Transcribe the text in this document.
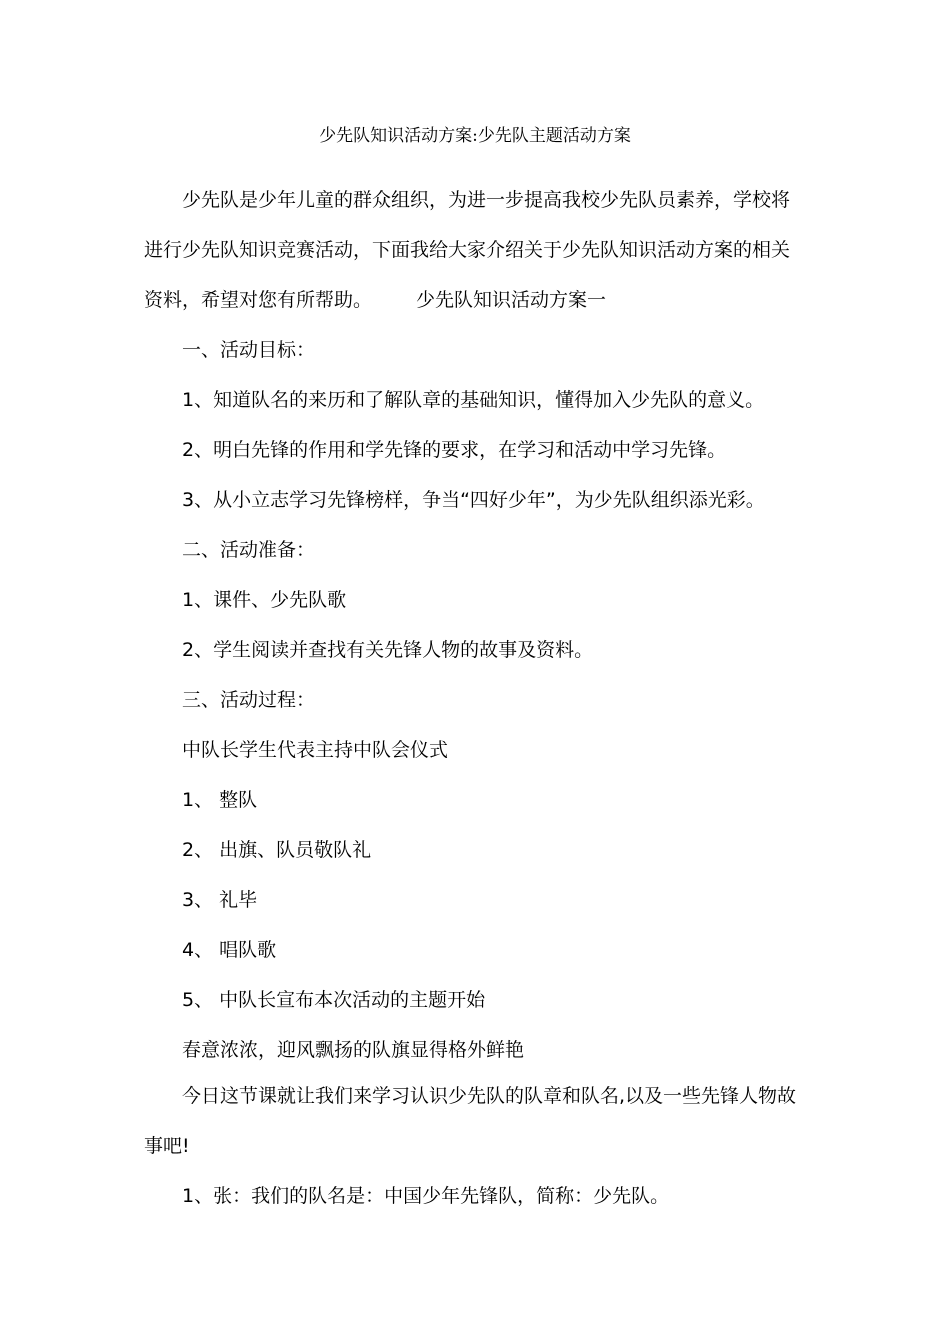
少先队知识活动方案:少先队主题活动方案
少先队是少年儿童的群众组织，为进一步提高我校少先队员素养，学校将
进行少先队知识竞赛活动，下面我给大家介绍关于少先队知识活动方案的相关
资料，希望对您有所帮助。 少先队知识活动方案一
一、活动目标：
1、知道队名的来历和了解队章的基础知识，懂得加入少先队的意义。
2、明白先锋的作用和学先锋的要求，在学习和活动中学习先锋。
3、从小立志学习先锋榜样，争当“四好少年”，为少先队组织添光彩。
二、活动准备：
1、课件、少先队歌
2、学生阅读并查找有关先锋人物的故事及资料。
三、活动过程：
中队长学生代表主持中队会仪式
1、 整队
2、 出旗、队员敬队礼
3、 礼毕
4、 唱队歌
5、 中队长宣布本次活动的主题开始
春意浓浓，迎风飘扬的队旗显得格外鲜艳
今日这节课就让我们来学习认识少先队的队章和队名,以及一些先锋人物故
事吧!
1、张：我们的队名是：中国少年先锋队，简称：少先队。
